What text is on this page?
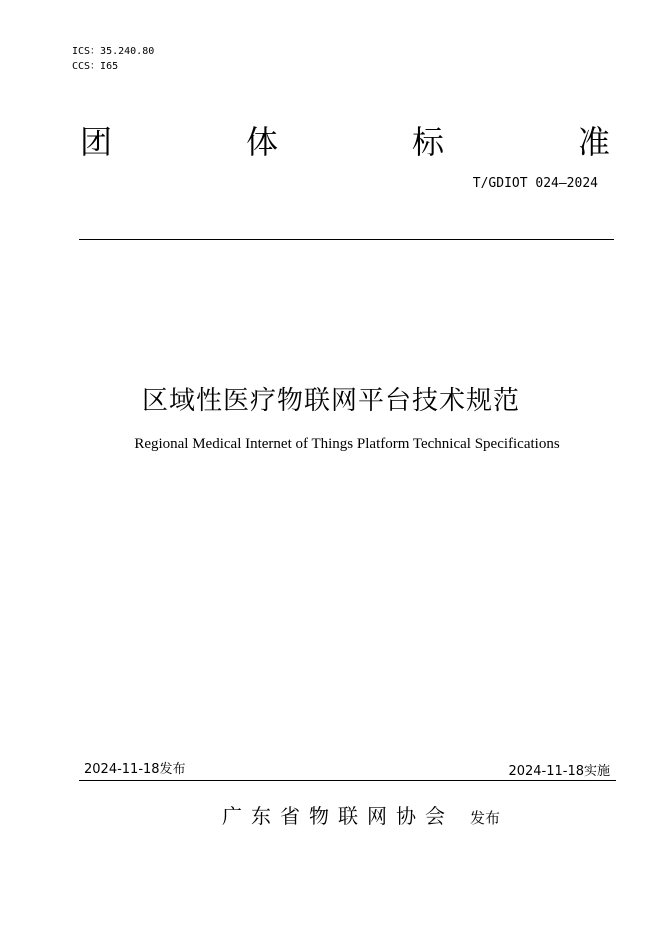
ICS：35.240.80
CCS：I65
团	体	标	准
T/GDIOT 024—2024
区域性医疗物联网平台技术规范
Regional Medical Internet of Things Platform Technical Specifications
2024-11-18发布	2024-11-18实施
广东省物联网协会 发布
